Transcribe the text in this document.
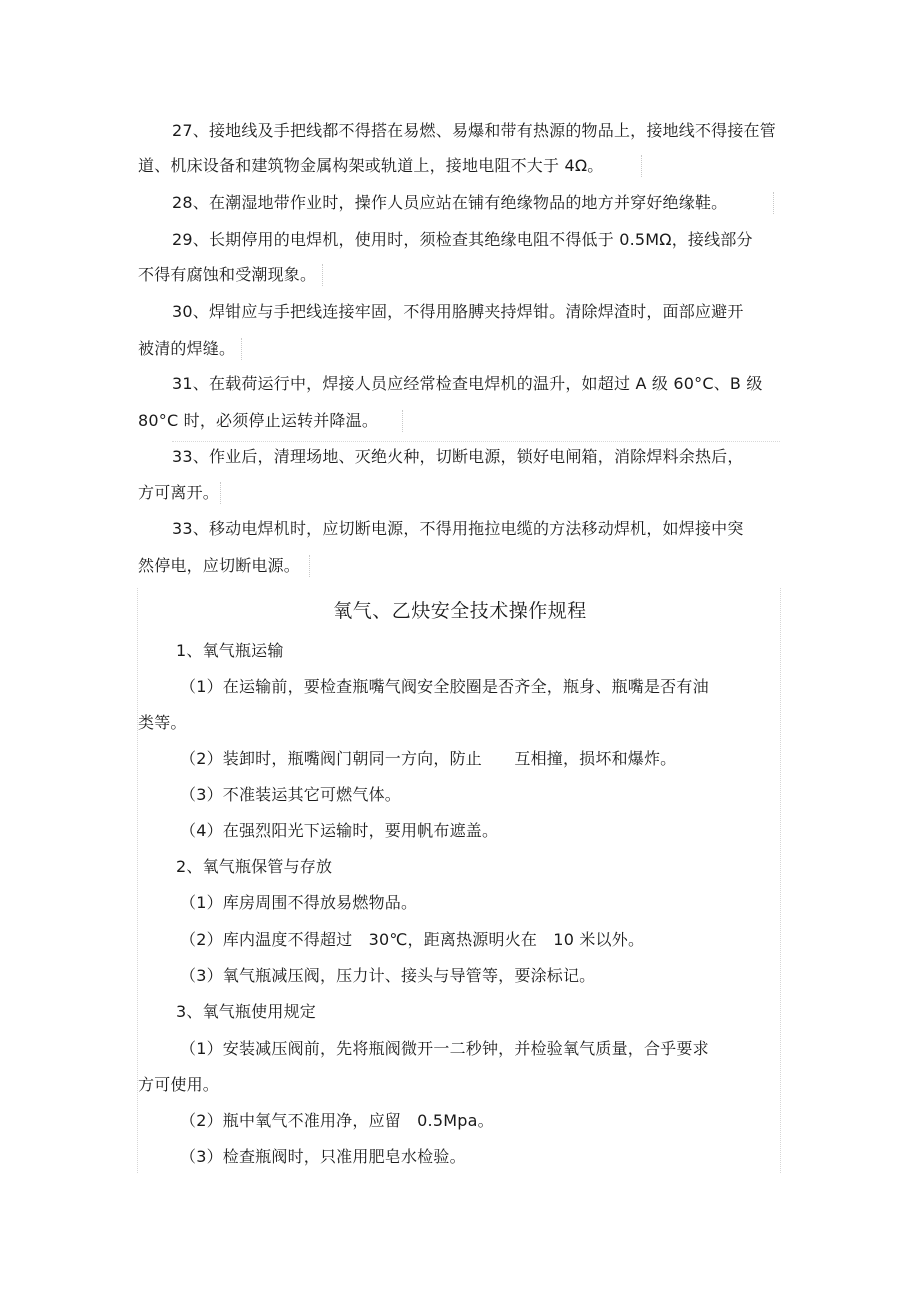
27、接地线及手把线都不得搭在易燃、易爆和带有热源的物品上，接地线不得接在管
道、机床设备和建筑物金属构架或轨道上，接地电阻不大于 4Ω。
28、在潮湿地带作业时，操作人员应站在铺有绝缘物品的地方并穿好绝缘鞋。
29、长期停用的电焊机，使用时，须检查其绝缘电阻不得低于 0.5MΩ，接线部分
不得有腐蚀和受潮现象。
30、焊钳应与手把线连接牢固，不得用胳膊夹持焊钳。清除焊渣时，面部应避开
被清的焊缝。
31、在载荷运行中，焊接人员应经常检查电焊机的温升，如超过 A 级 60°C、B 级
80°C 时，必须停止运转并降温。
33、作业后，清理场地、灭绝火种，切断电源，锁好电闸箱，消除焊料余热后，
方可离开。
33、移动电焊机时，应切断电源，不得用拖拉电缆的方法移动焊机，如焊接中突
然停电，应切断电源。
氧气、乙炔安全技术操作规程
1、氧气瓶运输
（1）在运输前，要检查瓶嘴气阀安全胶圈是否齐全，瓶身、瓶嘴是否有油
类等。
（2）装卸时，瓶嘴阀门朝同一方向，防止　　互相撞，损坏和爆炸。
（3）不准装运其它可燃气体。
（4）在强烈阳光下运输时，要用帆布遮盖。
2、氧气瓶保管与存放
（1）库房周围不得放易燃物品。
（2）库内温度不得超过　30℃，距离热源明火在　10 米以外。
（3）氧气瓶减压阀，压力计、接头与导管等，要涂标记。
3、氧气瓶使用规定
（1）安装减压阀前，先将瓶阀微开一二秒钟，并检验氧气质量，合乎要求
方可使用。
（2）瓶中氧气不准用净，应留　0.5Mpa。
（3）检查瓶阀时，只准用肥皂水检验。
